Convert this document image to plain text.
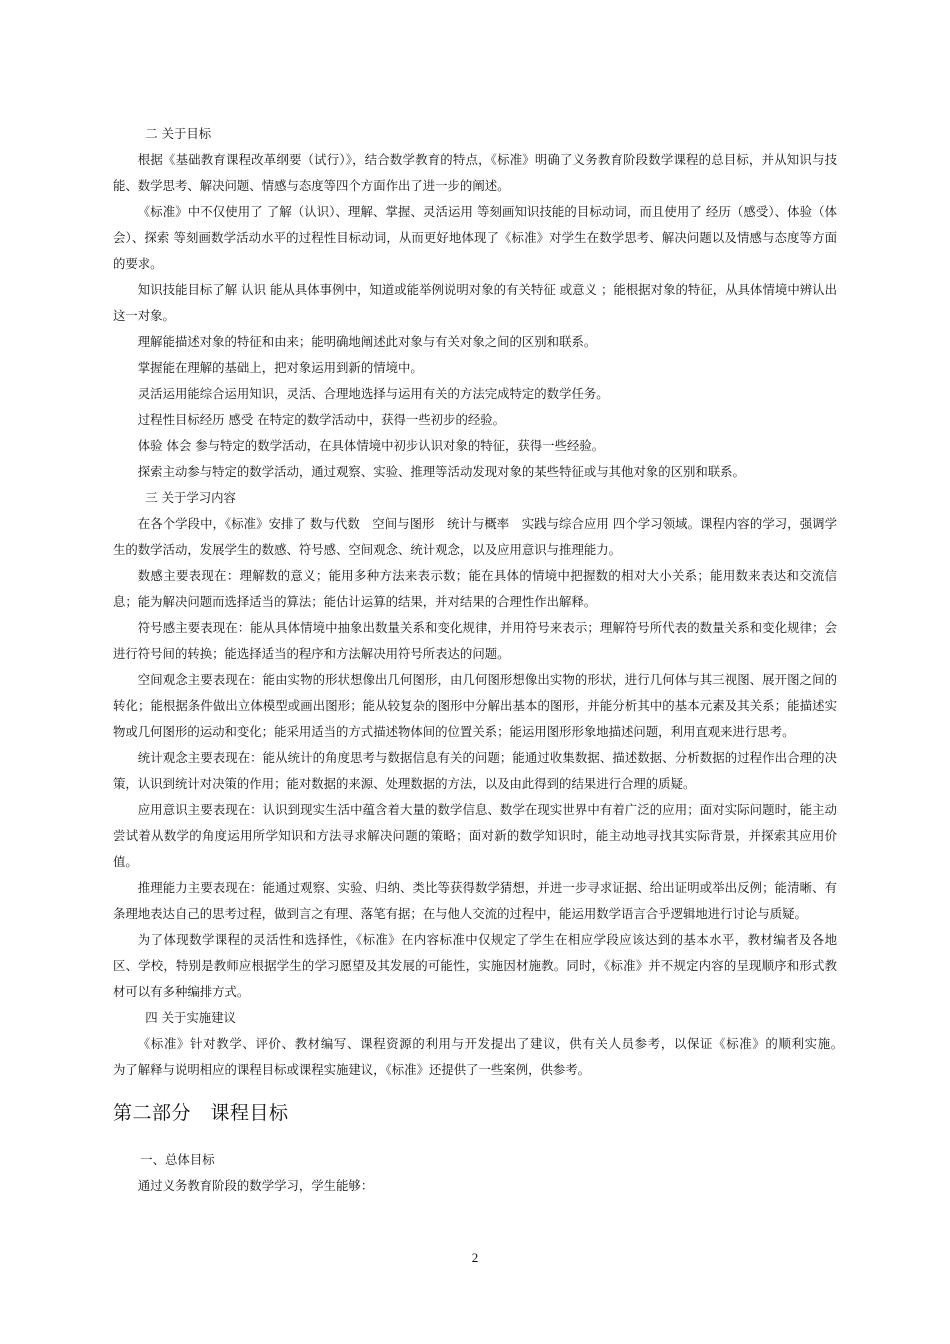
二 关于目标

根据《基础教育课程改革纲要（试行）》，结合数学教育的特点，《标准》明确了义务教育阶段数学课程的总目标，并从知识与技能、数学思考、解决问题、情感与态度等四个方面作出了进一步的阐述。

《标准》中不仅使用了 了解（认识）、理解、掌握、灵活运用 等刻画知识技能的目标动词，而且使用了 经历（感受）、体验（体会）、探索 等刻画数学活动水平的过程性目标动词，从而更好地体现了《标准》对学生在数学思考、解决问题以及情感与态度等方面的要求。

知识技能目标了解 认识 能从具体事例中，知道或能举例说明对象的有关特征 或意义 ；能根据对象的特征，从具体情境中辨认出这一对象。

理解能描述对象的特征和由来；能明确地阐述此对象与有关对象之间的区别和联系。

掌握能在理解的基础上，把对象运用到新的情境中。

灵活运用能综合运用知识，灵活、合理地选择与运用有关的方法完成特定的数学任务。

过程性目标经历 感受 在特定的数学活动中，获得一些初步的经验。

体验 体会 参与特定的数学活动，在具体情境中初步认识对象的特征，获得一些经验。

探索主动参与特定的数学活动，通过观察、实验、推理等活动发现对象的某些特征或与其他对象的区别和联系。

三 关于学习内容

在各个学段中，《标准》安排了 数与代数　空间与图形　统计与概率　实践与综合应用 四个学习领域。课程内容的学习，强调学生的数学活动，发展学生的数感、符号感、空间观念、统计观念，以及应用意识与推理能力。

数感主要表现在：理解数的意义；能用多种方法来表示数；能在具体的情境中把握数的相对大小关系；能用数来表达和交流信息；能为解决问题而选择适当的算法；能估计运算的结果，并对结果的合理性作出解释。

符号感主要表现在：能从具体情境中抽象出数量关系和变化规律，并用符号来表示；理解符号所代表的数量关系和变化规律；会进行符号间的转换；能选择适当的程序和方法解决用符号所表达的问题。

空间观念主要表现在：能由实物的形状想像出几何图形，由几何图形想像出实物的形状，进行几何体与其三视图、展开图之间的转化；能根据条件做出立体模型或画出图形；能从较复杂的图形中分解出基本的图形，并能分析其中的基本元素及其关系；能描述实物或几何图形的运动和变化；能采用适当的方式描述物体间的位置关系；能运用图形形象地描述问题，利用直观来进行思考。

统计观念主要表现在：能从统计的角度思考与数据信息有关的问题；能通过收集数据、描述数据、分析数据的过程作出合理的决策，认识到统计对决策的作用；能对数据的来源、处理数据的方法，以及由此得到的结果进行合理的质疑。

应用意识主要表现在：认识到现实生活中蕴含着大量的数学信息、数学在现实世界中有着广泛的应用；面对实际问题时，能主动尝试着从数学的角度运用所学知识和方法寻求解决问题的策略；面对新的数学知识时，能主动地寻找其实际背景，并探索其应用价值。

推理能力主要表现在：能通过观察、实验、归纳、类比等获得数学猜想，并进一步寻求证据、给出证明或举出反例；能清晰、有条理地表达自己的思考过程，做到言之有理、落笔有据；在与他人交流的过程中，能运用数学语言合乎逻辑地进行讨论与质疑。

为了体现数学课程的灵活性和选择性，《标准》在内容标准中仅规定了学生在相应学段应该达到的基本水平，教材编者及各地区、学校，特别是教师应根据学生的学习愿望及其发展的可能性，实施因材施教。同时，《标准》并不规定内容的呈现顺序和形式教材可以有多种编排方式。

四 关于实施建议

《标准》针对教学、评价、教材编写、课程资源的利用与开发提出了建议，供有关人员参考，以保证《标准》的顺利实施。　　为了解释与说明相应的课程目标或课程实施建议，《标准》还提供了一些案例，供参考。

第二部分　课程目标

一、总体目标

通过义务教育阶段的数学学习，学生能够：

2
